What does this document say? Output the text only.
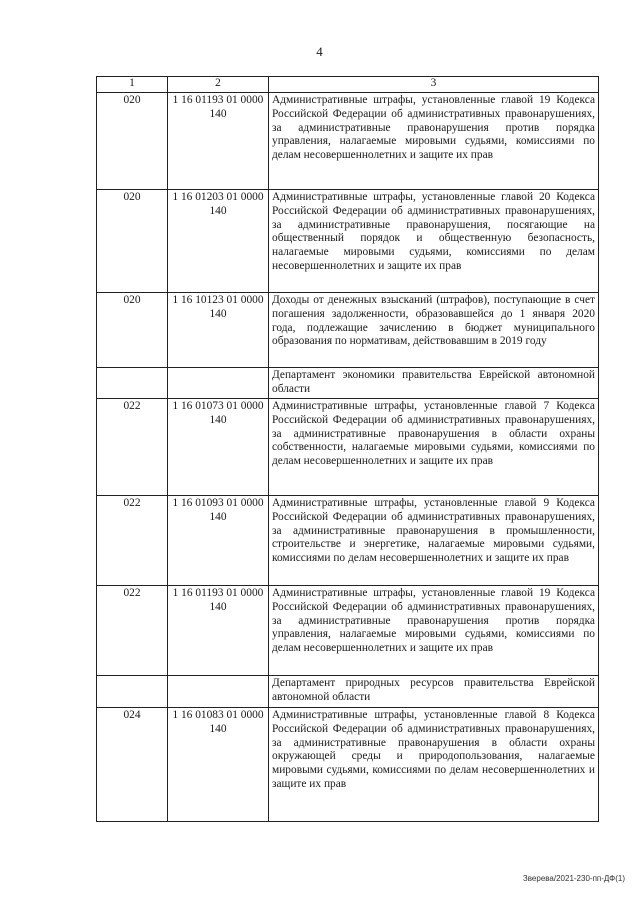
4
1	2	3
020	1 16 01193 01 0000 140	Административные штрафы, установленные главой 19 Кодекса Российской Федерации об административных правонарушениях, за административные правонарушения против порядка управления, налагаемые мировыми судьями, комиссиями по делам несовершеннолетних и защите их прав
020	1 16 01203 01 0000 140	Административные штрафы, установленные главой 20 Кодекса Российской Федерации об административных правонарушениях, за административные правонарушения, посягающие на общественный порядок и общественную безопасность, налагаемые мировыми судьями, комиссиями по делам несовершеннолетних и защите их прав
020	1 16 10123 01 0000 140	Доходы от денежных взысканий (штрафов), поступающие в счет погашения задолженности, образовавшейся до 1 января 2020 года, подлежащие зачислению в бюджет муниципального образования по нормативам, действовавшим в 2019 году
		Департамент экономики правительства Еврейской автономной области
022	1 16 01073 01 0000 140	Административные штрафы, установленные главой 7 Кодекса Российской Федерации об административных правонарушениях, за административные правонарушения в области охраны собственности, налагаемые мировыми судьями, комиссиями по делам несовершеннолетних и защите их прав
022	1 16 01093 01 0000 140	Административные штрафы, установленные главой 9 Кодекса Российской Федерации об административных правонарушениях, за административные правонарушения в промышленности, строительстве и энергетике, налагаемые мировыми судьями, комиссиями по делам несовершеннолетних и защите их прав
022	1 16 01193 01 0000 140	Административные штрафы, установленные главой 19 Кодекса Российской Федерации об административных правонарушениях, за административные правонарушения против порядка управления, налагаемые мировыми судьями, комиссиями по делам несовершеннолетних и защите их прав
		Департамент природных ресурсов правительства Еврейской автономной области
024	1 16 01083 01 0000 140	Административные штрафы, установленные главой 8 Кодекса Российской Федерации об административных правонарушениях, за административные правонарушения в области охраны окружающей среды и природопользования, налагаемые мировыми судьями, комиссиями по делам несовершеннолетних и защите их прав
Зверева/2021-230-пп-ДФ(1)
